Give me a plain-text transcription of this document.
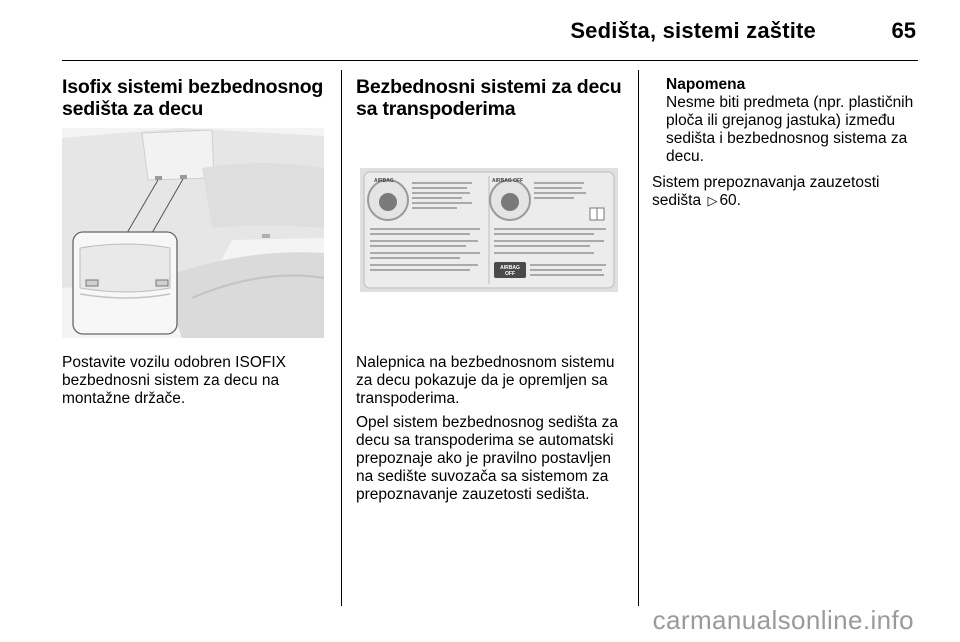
Sedišta, sistemi zaštite	65
Isofix sistemi bezbednosnog sedišta za decu

Postavite vozilu odobren ISOFIX bezbednosni sistem za decu na montažne držače.

Bezbednosni sistemi za decu sa transpoderima
AIRBAG	AIRBAG OFF
AIRBAG
OFF

Nalepnica na bezbednosnom sistemu za decu pokazuje da je opremljen sa transpoderima.

Opel sistem bezbednosnog sedišta za decu sa transpoderima se automatski prepoznaje ako je pravilno postavljen na sedište suvozača sa sistemom za prepoznavanje zauzetosti sedišta.

Napomena

Nesme biti predmeta (npr. plastičnih ploča ili grejanog jastuka) između sedišta i bezbednosnog sistema za decu.

Sistem prepoznavanja zauzetosti sedišta ▷ 60.

carmanualsonline.info
